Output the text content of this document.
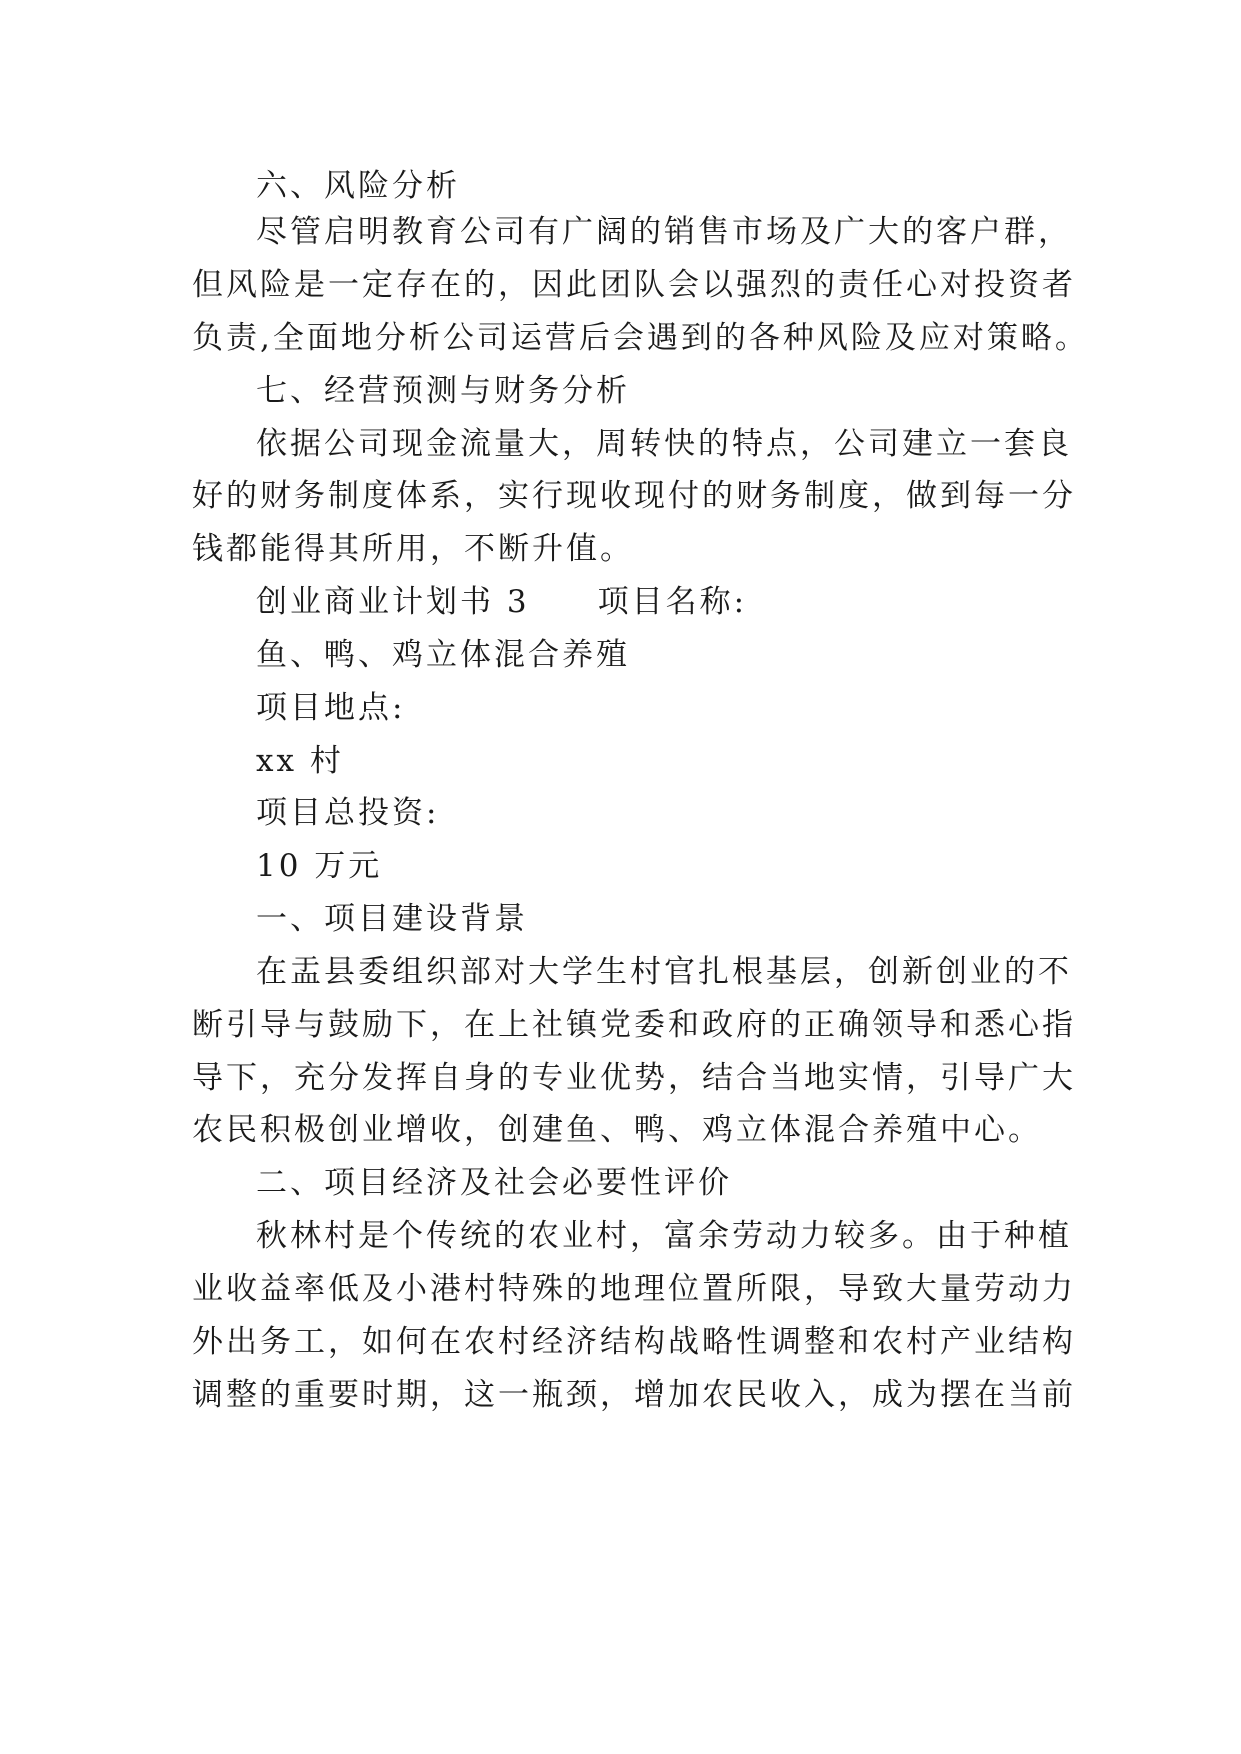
六、风险分析
尽管启明教育公司有广阔的销售市场及广大的客户群，
但风险是一定存在的，因此团队会以强烈的责任心对投资者
负责,全面地分析公司运营后会遇到的各种风险及应对策略。
七、经营预测与财务分析
依据公司现金流量大，周转快的特点，公司建立一套良
好的财务制度体系，实行现收现付的财务制度，做到每一分
钱都能得其所用，不断升值。
创业商业计划书 3　　项目名称:
鱼、鸭、鸡立体混合养殖
项目地点:
xx 村
项目总投资:
10 万元
一、项目建设背景
在盂县委组织部对大学生村官扎根基层，创新创业的不
断引导与鼓励下，在上社镇党委和政府的正确领导和悉心指
导下，充分发挥自身的专业优势，结合当地实情，引导广大
农民积极创业增收，创建鱼、鸭、鸡立体混合养殖中心。
二、项目经济及社会必要性评价
秋林村是个传统的农业村，富余劳动力较多。由于种植
业收益率低及小港村特殊的地理位置所限，导致大量劳动力
外出务工，如何在农村经济结构战略性调整和农村产业结构
调整的重要时期，这一瓶颈，增加农民收入，成为摆在当前
